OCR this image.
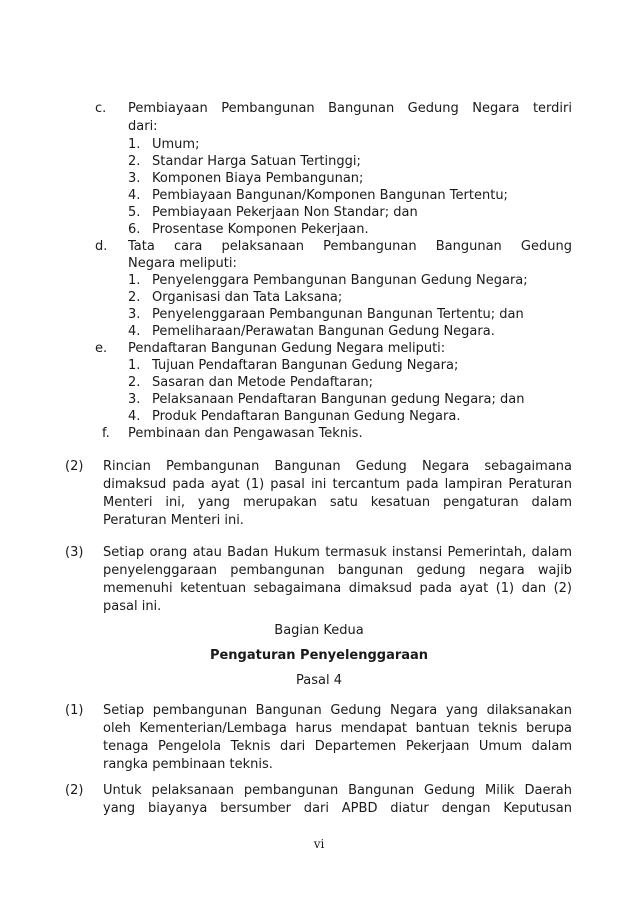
c. Pembiayaan Pembangunan Bangunan Gedung Negara terdiri
dari:
1. Umum;
2. Standar Harga Satuan Tertinggi;
3. Komponen Biaya Pembangunan;
4. Pembiayaan Bangunan/Komponen Bangunan Tertentu;
5. Pembiayaan Pekerjaan Non Standar; dan
6. Prosentase Komponen Pekerjaan.
d. Tata cara pelaksanaan Pembangunan Bangunan Gedung
Negara meliputi:
1. Penyelenggara Pembangunan Bangunan Gedung Negara;
2. Organisasi dan Tata Laksana;
3. Penyelenggaraan Pembangunan Bangunan Tertentu; dan
4. Pemeliharaan/Perawatan Bangunan Gedung Negara.
e. Pendaftaran Bangunan Gedung Negara meliputi:
1. Tujuan Pendaftaran Bangunan Gedung Negara;
2. Sasaran dan Metode Pendaftaran;
3. Pelaksanaan Pendaftaran Bangunan gedung Negara; dan
4. Produk Pendaftaran Bangunan Gedung Negara.
f. Pembinaan dan Pengawasan Teknis.
(2) Rincian Pembangunan Bangunan Gedung Negara sebagaimana
dimaksud pada ayat (1) pasal ini tercantum pada lampiran Peraturan
Menteri ini, yang merupakan satu kesatuan pengaturan dalam
Peraturan Menteri ini.
(3) Setiap orang atau Badan Hukum termasuk instansi Pemerintah, dalam
penyelenggaraan pembangunan bangunan gedung negara wajib
memenuhi ketentuan sebagaimana dimaksud pada ayat (1) dan (2)
pasal ini.
Bagian Kedua
Pengaturan Penyelenggaraan
Pasal 4
(1) Setiap pembangunan Bangunan Gedung Negara yang dilaksanakan
oleh Kementerian/Lembaga harus mendapat bantuan teknis berupa
tenaga Pengelola Teknis dari Departemen Pekerjaan Umum dalam
rangka pembinaan teknis.
(2) Untuk pelaksanaan pembangunan Bangunan Gedung Milik Daerah
yang biayanya bersumber dari APBD diatur dengan Keputusan
vi
